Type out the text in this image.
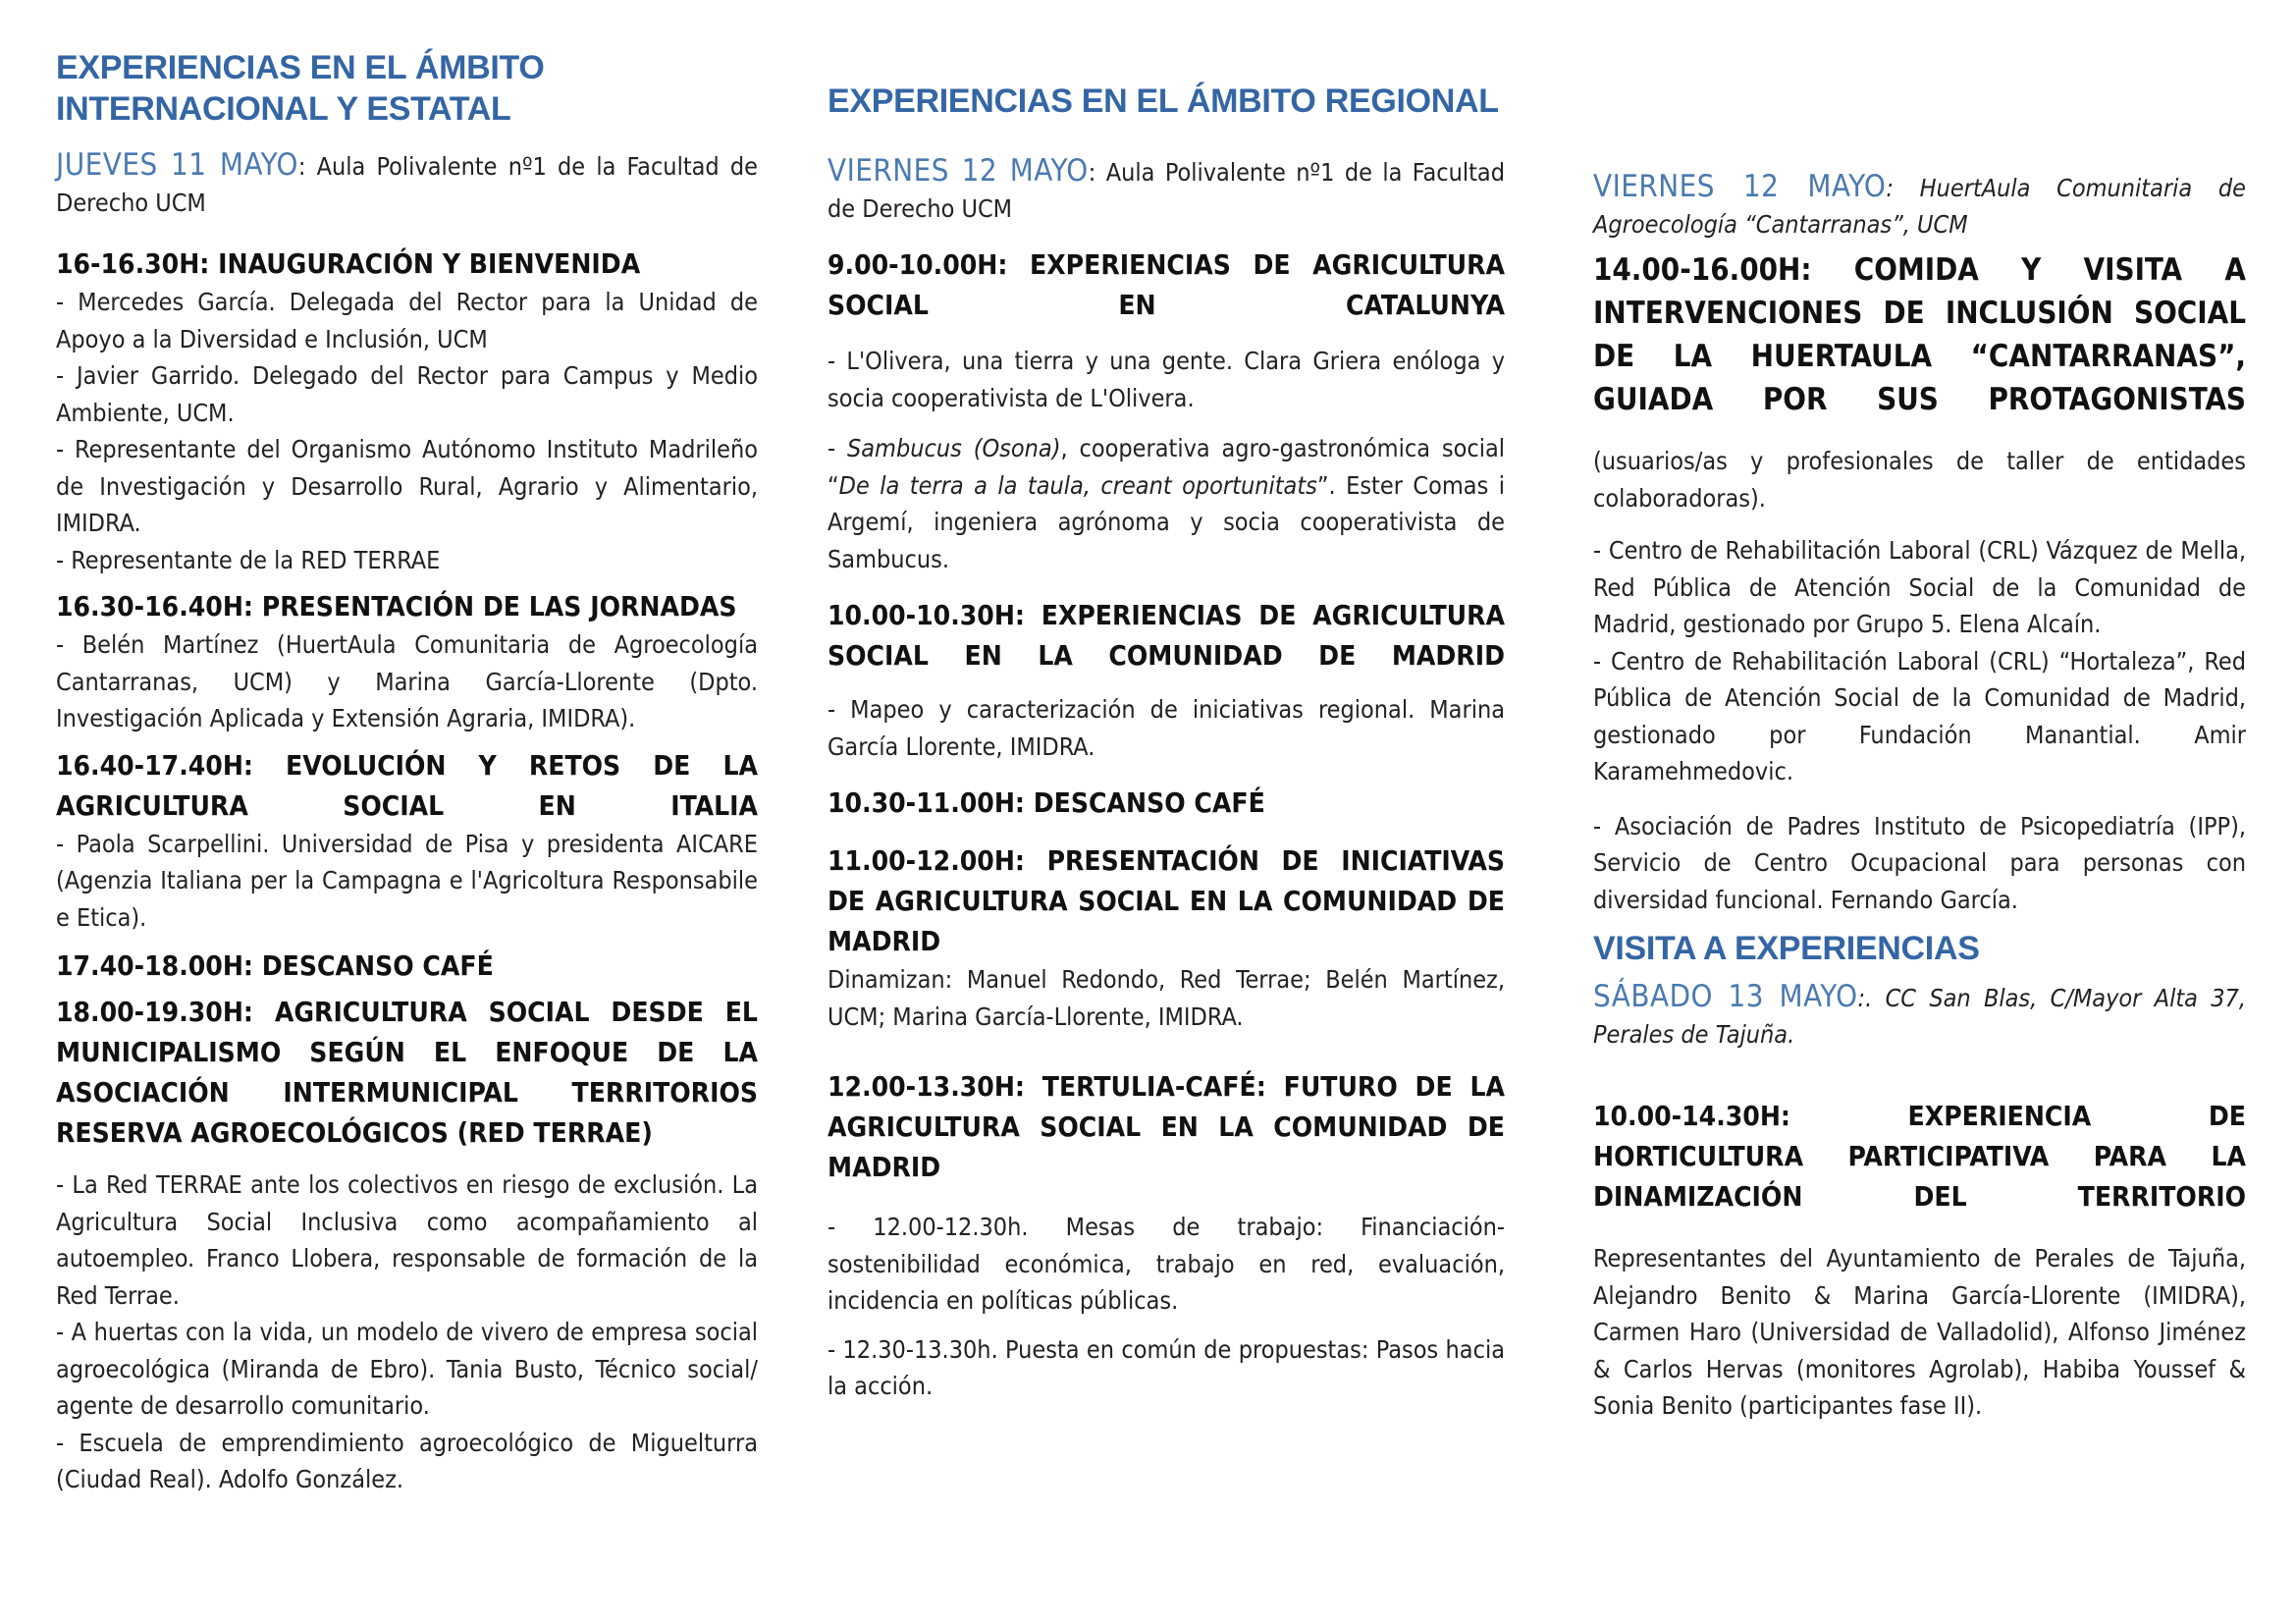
EXPERIENCIAS EN EL ÁMBITO
INTERNACIONAL Y ESTATAL

JUEVES 11 MAYO: Aula Polivalente nº1 de la Facultad de Derecho UCM

16-16.30H: INAUGURACIÓN Y BIENVENIDA

- Mercedes García. Delegada del Rector para la Unidad de Apoyo a la Diversidad e Inclusión, UCM

- Javier Garrido. Delegado del Rector para Campus y Medio Ambiente, UCM.

- Representante del Organismo Autónomo Instituto Madrileño de Investigación y Desarrollo Rural, Agrario y Alimentario, IMIDRA.

- Representante de la RED TERRAE

16.30-16.40H: PRESENTACIÓN DE LAS JORNADAS

- Belén Martínez (HuertAula Comunitaria de Agroecología Cantarranas, UCM) y Marina García-Llorente (Dpto. Investigación Aplicada y Extensión Agraria, IMIDRA).

16.40-17.40H: EVOLUCIÓN Y RETOS DE LA AGRICULTURA SOCIAL EN ITALIA

- Paola Scarpellini. Universidad de Pisa y presidenta AICARE (Agenzia Italiana per la Campagna e l'Agricoltura Responsabile e Etica).

17.40-18.00H: DESCANSO CAFÉ
18.00-19.30H: AGRICULTURA SOCIAL DESDE EL MUNICIPALISMO SEGÚN EL ENFOQUE DE LA ASOCIACIÓN INTERMUNICIPAL TERRITORIOS RESERVA AGROECOLÓGICOS (RED TERRAE)

- La Red TERRAE ante los colectivos en riesgo de exclusión. La Agricultura Social Inclusiva como acompañamiento al autoempleo. Franco Llobera, responsable de formación de la Red Terrae.

- A huertas con la vida, un modelo de vivero de empresa social agroecológica (Miranda de Ebro). Tania Busto, Técnico social/ agente de desarrollo comunitario.

- Escuela de emprendimiento agroecológico de Miguelturra (Ciudad Real). Adolfo González.

EXPERIENCIAS EN EL ÁMBITO REGIONAL

VIERNES 12 MAYO: Aula Polivalente nº1 de la Facultad de Derecho UCM

9.00-10.00H: EXPERIENCIAS DE AGRICULTURA SOCIAL EN CATALUNYA

- L'Olivera, una tierra y una gente. Clara Griera enóloga y socia cooperativista de L'Olivera.

- Sambucus (Osona), cooperativa agro-gastronómica social “De la terra a la taula, creant oportunitats”. Ester Comas i Argemí, ingeniera agrónoma y socia cooperativista de Sambucus.

10.00-10.30H: EXPERIENCIAS DE AGRICULTURA SOCIAL EN LA COMUNIDAD DE MADRID

- Mapeo y caracterización de iniciativas regional. Marina García Llorente, IMIDRA.

10.30-11.00H: DESCANSO CAFÉ
11.00-12.00H: PRESENTACIÓN DE INICIATIVAS DE AGRICULTURA SOCIAL EN LA COMUNIDAD DE MADRID

Dinamizan: Manuel Redondo, Red Terrae; Belén Martínez, UCM; Marina García-Llorente, IMIDRA.

12.00-13.30H: TERTULIA-CAFÉ: FUTURO DE LA AGRICULTURA SOCIAL EN LA COMUNIDAD DE MADRID

- 12.00-12.30h. Mesas de trabajo: Financiación-sostenibilidad económica, trabajo en red, evaluación, incidencia en políticas públicas.

- 12.30-13.30h. Puesta en común de propuestas: Pasos hacia la acción.

VIERNES 12 MAYO: HuertAula Comunitaria de Agroecología “Cantarranas”, UCM

14.00-16.00H: COMIDA Y VISITA A INTERVENCIONES DE INCLUSIÓN SOCIAL DE LA HUERTAULA “CANTARRANAS”, GUIADA POR SUS PROTAGONISTAS

(usuarios/as y profesionales de taller de entidades colaboradoras).

- Centro de Rehabilitación Laboral (CRL) Vázquez de Mella, Red Pública de Atención Social de la Comunidad de Madrid, gestionado por Grupo 5. Elena Alcaín.

- Centro de Rehabilitación Laboral (CRL) “Hortaleza”, Red Pública de Atención Social de la Comunidad de Madrid, gestionado por Fundación Manantial. Amir Karamehmedovic.

- Asociación de Padres Instituto de Psicopediatría (IPP), Servicio de Centro Ocupacional para personas con diversidad funcional. Fernando García.

VISITA A EXPERIENCIAS

SÁBADO 13 MAYO:. CC San Blas, C/Mayor Alta 37, Perales de Tajuña.

10.00-14.30H: EXPERIENCIA DE HORTICULTURA PARTICIPATIVA PARA LA DINAMIZACIÓN DEL TERRITORIO

Representantes del Ayuntamiento de Perales de Tajuña, Alejandro Benito & Marina García-Llorente (IMIDRA), Carmen Haro (Universidad de Valladolid), Alfonso Jiménez & Carlos Hervas (monitores Agrolab), Habiba Youssef & Sonia Benito (participantes fase II).
